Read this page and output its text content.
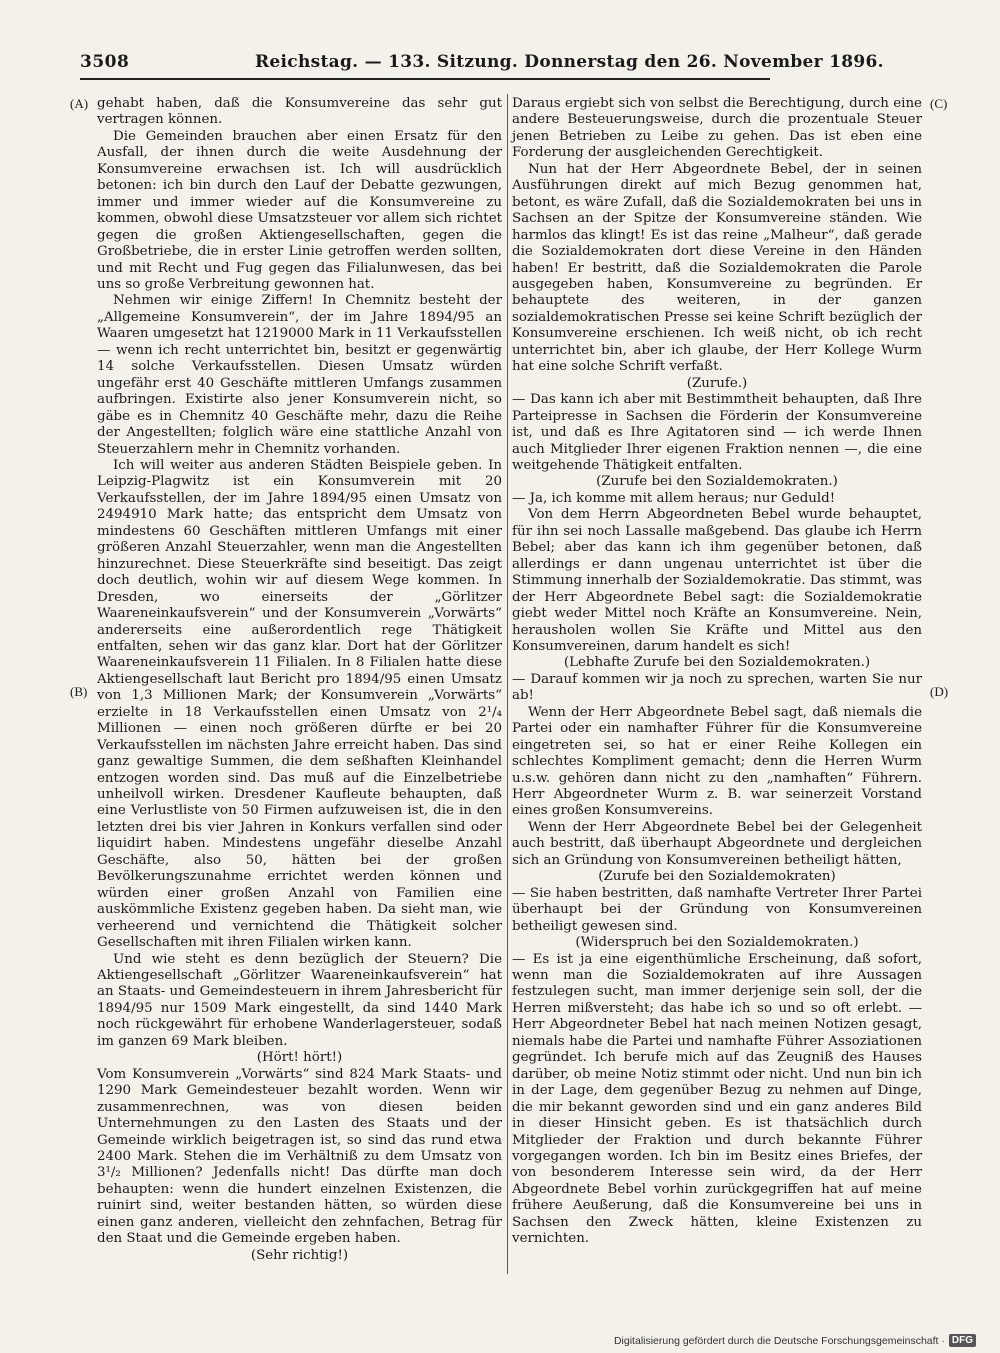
3508	Reichstag. — 133. Sitzung. Donnerstag den 26. November 1896.
(A)
(B)
(C)
(D)

gehabt haben, daß die Konsumvereine das sehr gut vertragen können.

Die Gemeinden brauchen aber einen Ersatz für den Ausfall, der ihnen durch die weite Ausdehnung der Konsumvereine erwachsen ist. Ich will ausdrücklich betonen: ich bin durch den Lauf der Debatte gezwungen, immer und immer wieder auf die Konsumvereine zu kommen, obwohl diese Umsatzsteuer vor allem sich richtet gegen die großen Aktiengesellschaften, gegen die Großbetriebe, die in erster Linie getroffen werden sollten, und mit Recht und Fug gegen das Filialunwesen, das bei uns so große Verbreitung gewonnen hat.

Nehmen wir einige Ziffern! In Chemnitz besteht der „Allgemeine Konsumverein“, der im Jahre 1894/95 an Waaren umgesetzt hat 1219000 Mark in 11 Verkaufsstellen — wenn ich recht unterrichtet bin, besitzt er gegenwärtig 14 solche Verkaufsstellen. Diesen Umsatz würden ungefähr erst 40 Geschäfte mittleren Umfangs zusammen aufbringen. Existirte also jener Konsumverein nicht, so gäbe es in Chemnitz 40 Geschäfte mehr, dazu die Reihe der Angestellten; folglich wäre eine stattliche Anzahl von Steuerzahlern mehr in Chemnitz vorhanden.

Ich will weiter aus anderen Städten Beispiele geben. In Leipzig-Plagwitz ist ein Konsumverein mit 20 Verkaufsstellen, der im Jahre 1894/95 einen Umsatz von 2494910 Mark hatte; das entspricht dem Umsatz von mindestens 60 Geschäften mittleren Umfangs mit einer größeren Anzahl Steuerzahler, wenn man die Angestellten hinzurechnet. Diese Steuerkräfte sind beseitigt. Das zeigt doch deutlich, wohin wir auf diesem Wege kommen. In Dresden, wo einerseits der „Görlitzer Waareneinkaufsverein“ und der Konsumverein „Vorwärts“ andererseits eine außerordentlich rege Thätigkeit entfalten, sehen wir das ganz klar. Dort hat der Görlitzer Waareneinkaufsverein 11 Filialen. In 8 Filialen hatte diese Aktiengesellschaft laut Bericht pro 1894/95 einen Umsatz von 1,3 Millionen Mark; der Konsumverein „Vorwärts“ erzielte in 18 Verkaufsstellen einen Umsatz von 2¹/₄ Millionen — einen noch größeren dürfte er bei 20 Verkaufsstellen im nächsten Jahre erreicht haben. Das sind ganz gewaltige Summen, die dem seßhaften Kleinhandel entzogen worden sind. Das muß auf die Einzelbetriebe unheilvoll wirken. Dresdener Kaufleute behaupten, daß eine Verlustliste von 50 Firmen aufzuweisen ist, die in den letzten drei bis vier Jahren in Konkurs verfallen sind oder liquidirt haben. Mindestens ungefähr dieselbe Anzahl Geschäfte, also 50, hätten bei der großen Bevölkerungszunahme errichtet werden können und würden einer großen Anzahl von Familien eine auskömmliche Existenz gegeben haben. Da sieht man, wie verheerend und vernichtend die Thätigkeit solcher Gesellschaften mit ihren Filialen wirken kann.

Und wie steht es denn bezüglich der Steuern? Die Aktiengesellschaft „Görlitzer Waareneinkaufsverein“ hat an Staats- und Gemeindesteuern in ihrem Jahresbericht für 1894/95 nur 1509 Mark eingestellt, da sind 1440 Mark noch rückgewährt für erhobene Wanderlagersteuer, sodaß im ganzen 69 Mark bleiben.

(Hört! hört!)

Vom Konsumverein „Vorwärts“ sind 824 Mark Staats- und 1290 Mark Gemeindesteuer bezahlt worden. Wenn wir zusammenrechnen, was von diesen beiden Unternehmungen zu den Lasten des Staats und der Gemeinde wirklich beigetragen ist, so sind das rund etwa 2400 Mark. Stehen die im Verhältniß zu dem Umsatz von 3¹/₂ Millionen? Jedenfalls nicht! Das dürfte man doch behaupten: wenn die hundert einzelnen Existenzen, die ruinirt sind, weiter bestanden hätten, so würden diese einen ganz anderen, vielleicht den zehnfachen, Betrag für den Staat und die Gemeinde ergeben haben.

(Sehr richtig!)

Daraus ergiebt sich von selbst die Berechtigung, durch eine andere Besteuerungsweise, durch die prozentuale Steuer jenen Betrieben zu Leibe zu gehen. Das ist eben eine Forderung der ausgleichenden Gerechtigkeit.

Nun hat der Herr Abgeordnete Bebel, der in seinen Ausführungen direkt auf mich Bezug genommen hat, betont, es wäre Zufall, daß die Sozialdemokraten bei uns in Sachsen an der Spitze der Konsumvereine ständen. Wie harmlos das klingt! Es ist das reine „Malheur“, daß gerade die Sozialdemokraten dort diese Vereine in den Händen haben! Er bestritt, daß die Sozialdemokraten die Parole ausgegeben haben, Konsumvereine zu begründen. Er behauptete des weiteren, in der ganzen sozialdemokratischen Presse sei keine Schrift bezüglich der Konsumvereine erschienen. Ich weiß nicht, ob ich recht unterrichtet bin, aber ich glaube, der Herr Kollege Wurm hat eine solche Schrift verfaßt.

(Zurufe.)

— Das kann ich aber mit Bestimmtheit behaupten, daß Ihre Parteipresse in Sachsen die Förderin der Konsumvereine ist, und daß es Ihre Agitatoren sind — ich werde Ihnen auch Mitglieder Ihrer eigenen Fraktion nennen —, die eine weitgehende Thätigkeit entfalten.

(Zurufe bei den Sozialdemokraten.)

— Ja, ich komme mit allem heraus; nur Geduld!

Von dem Herrn Abgeordneten Bebel wurde behauptet, für ihn sei noch Lassalle maßgebend. Das glaube ich Herrn Bebel; aber das kann ich ihm gegenüber betonen, daß allerdings er dann ungenau unterrichtet ist über die Stimmung innerhalb der Sozialdemokratie. Das stimmt, was der Herr Abgeordnete Bebel sagt: die Sozialdemokratie giebt weder Mittel noch Kräfte an Konsumvereine. Nein, herausholen wollen Sie Kräfte und Mittel aus den Konsumvereinen, darum handelt es sich!

(Lebhafte Zurufe bei den Sozialdemokraten.)

— Darauf kommen wir ja noch zu sprechen, warten Sie nur ab!

Wenn der Herr Abgeordnete Bebel sagt, daß niemals die Partei oder ein namhafter Führer für die Konsumvereine eingetreten sei, so hat er einer Reihe Kollegen ein schlechtes Kompliment gemacht; denn die Herren Wurm u.s.w. gehören dann nicht zu den „namhaften“ Führern. Herr Abgeordneter Wurm z. B. war seinerzeit Vorstand eines großen Konsumvereins.

Wenn der Herr Abgeordnete Bebel bei der Gelegenheit auch bestritt, daß überhaupt Abgeordnete und dergleichen sich an Gründung von Konsumvereinen betheiligt hätten,

(Zurufe bei den Sozialdemokraten)

— Sie haben bestritten, daß namhafte Vertreter Ihrer Partei überhaupt bei der Gründung von Konsumvereinen betheiligt gewesen sind.

(Widerspruch bei den Sozialdemokraten.)

— Es ist ja eine eigenthümliche Erscheinung, daß sofort, wenn man die Sozialdemokraten auf ihre Aussagen festzulegen sucht, man immer derjenige sein soll, der die Herren mißversteht; das habe ich so und so oft erlebt. — Herr Abgeordneter Bebel hat nach meinen Notizen gesagt, niemals habe die Partei und namhafte Führer Assoziationen gegründet. Ich berufe mich auf das Zeugniß des Hauses darüber, ob meine Notiz stimmt oder nicht. Und nun bin ich in der Lage, dem gegenüber Bezug zu nehmen auf Dinge, die mir bekannt geworden sind und ein ganz anderes Bild in dieser Hinsicht geben. Es ist thatsächlich durch Mitglieder der Fraktion und durch bekannte Führer vorgegangen worden. Ich bin im Besitz eines Briefes, der von besonderem Interesse sein wird, da der Herr Abgeordnete Bebel vorhin zurückgegriffen hat auf meine frühere Aeußerung, daß die Konsumvereine bei uns in Sachsen den Zweck hätten, kleine Existenzen zu vernichten.

Digitalisierung gefördert durch die Deutsche Forschungsgemeinschaft · DFG
